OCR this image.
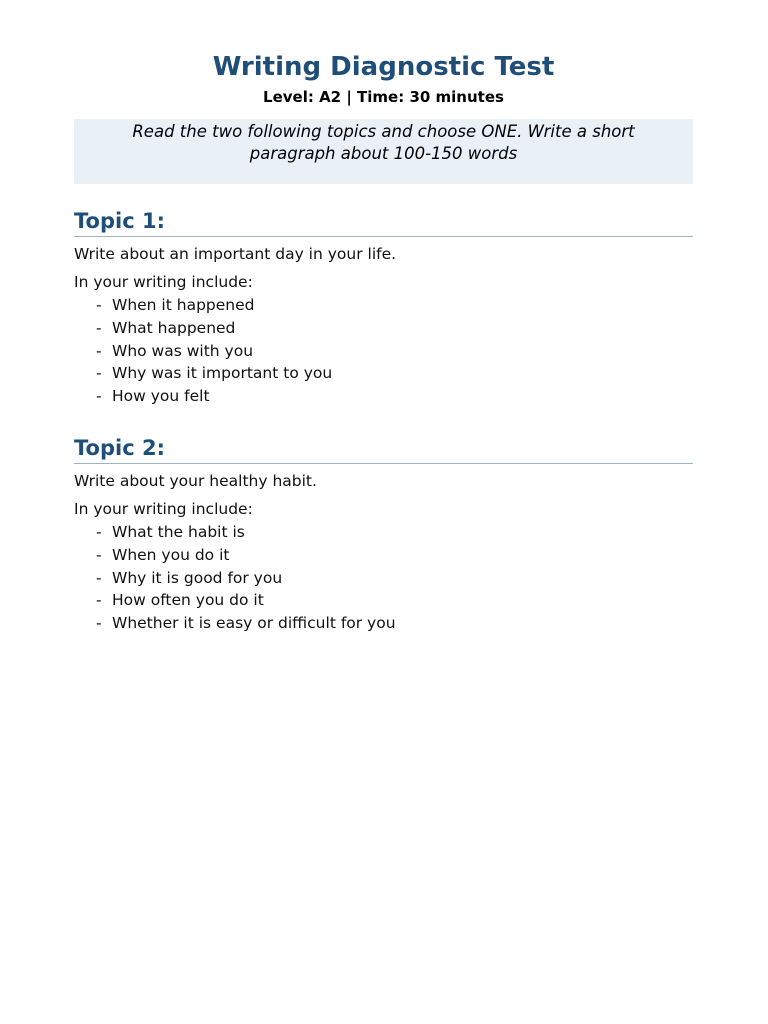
Writing Diagnostic Test
Level: A2 | Time: 30 minutes
Read the two following topics and choose ONE. Write a short paragraph about 100-150 words
Topic 1:
Write about an important day in your life.
In your writing include:
- When it happened
- What happened
- Who was with you
- Why was it important to you
- How you felt
Topic 2:
Write about your healthy habit.
In your writing include:
- What the habit is
- When you do it
- Why it is good for you
- How often you do it
- Whether it is easy or difficult for you
